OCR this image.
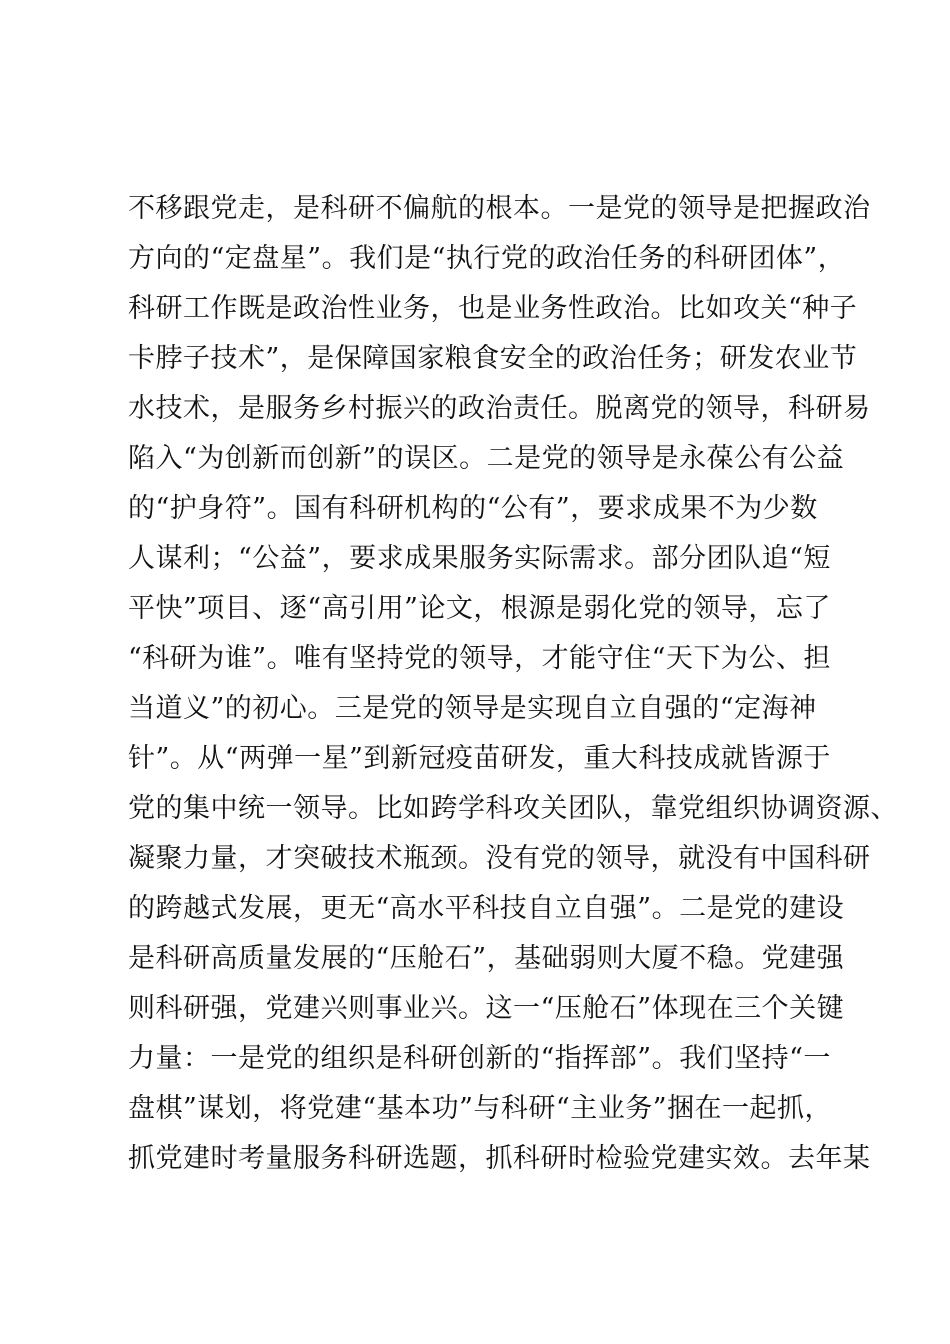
不移跟党走，是科研不偏航的根本。一是党的领导是把握政治
方向的“定盘星”。我们是“执行党的政治任务的科研团体”，
科研工作既是政治性业务，也是业务性政治。比如攻关“种子
卡脖子技术”，是保障国家粮食安全的政治任务；研发农业节
水技术，是服务乡村振兴的政治责任。脱离党的领导，科研易
陷入“为创新而创新”的误区。二是党的领导是永葆公有公益
的“护身符”。国有科研机构的“公有”，要求成果不为少数
人谋利；“公益”，要求成果服务实际需求。部分团队追“短
平快”项目、逐“高引用”论文，根源是弱化党的领导，忘了
“科研为谁”。唯有坚持党的领导，才能守住“天下为公、担
当道义”的初心。三是党的领导是实现自立自强的“定海神
针”。从“两弹一星”到新冠疫苗研发，重大科技成就皆源于
党的集中统一领导。比如跨学科攻关团队，靠党组织协调资源、
凝聚力量，才突破技术瓶颈。没有党的领导，就没有中国科研
的跨越式发展，更无“高水平科技自立自强”。二是党的建设
是科研高质量发展的“压舱石”，基础弱则大厦不稳。党建强
则科研强，党建兴则事业兴。这一“压舱石”体现在三个关键
力量：一是党的组织是科研创新的“指挥部”。我们坚持“一
盘棋”谋划，将党建“基本功”与科研“主业务”捆在一起抓，
抓党建时考量服务科研选题，抓科研时检验党建实效。去年某
